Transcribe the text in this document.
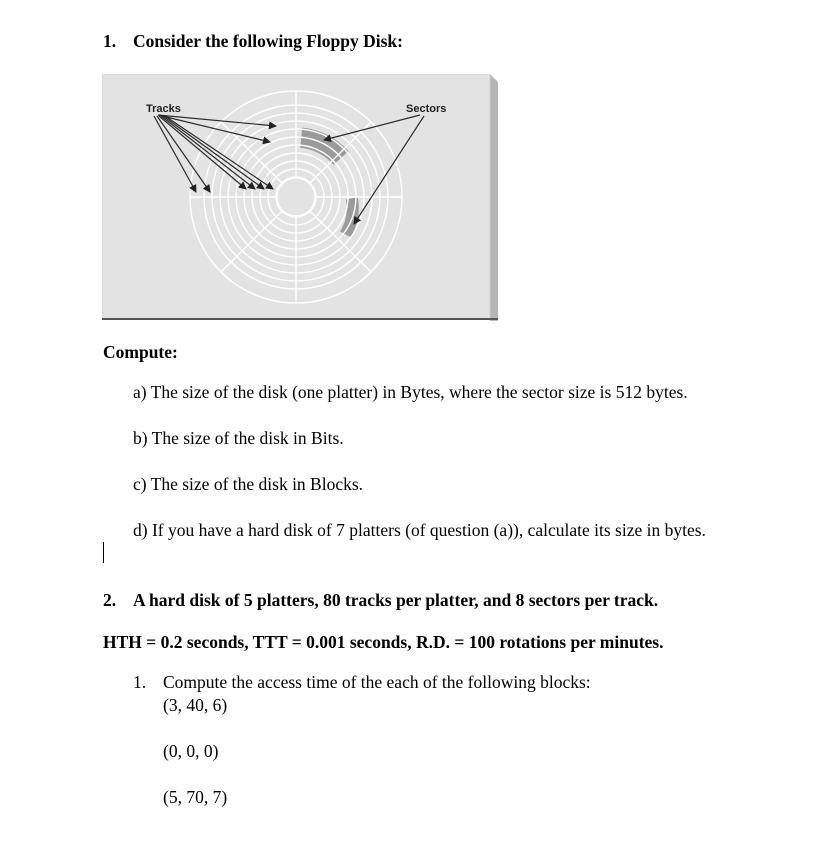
1. Consider the following Floppy Disk:
Tracks	Sectors
Compute:
a) The size of the disk (one platter) in Bytes, where the sector size is 512 bytes.
b) The size of the disk in Bits.
c) The size of the disk in Blocks.
d) If you have a hard disk of 7 platters (of question (a)), calculate its size in bytes.
2. A hard disk of 5 platters, 80 tracks per platter, and 8 sectors per track.
HTH = 0.2 seconds, TTT = 0.001 seconds, R.D. = 100 rotations per minutes.
1. Compute the access time of the each of the following blocks:
(3, 40, 6)
(0, 0, 0)
(5, 70, 7)
